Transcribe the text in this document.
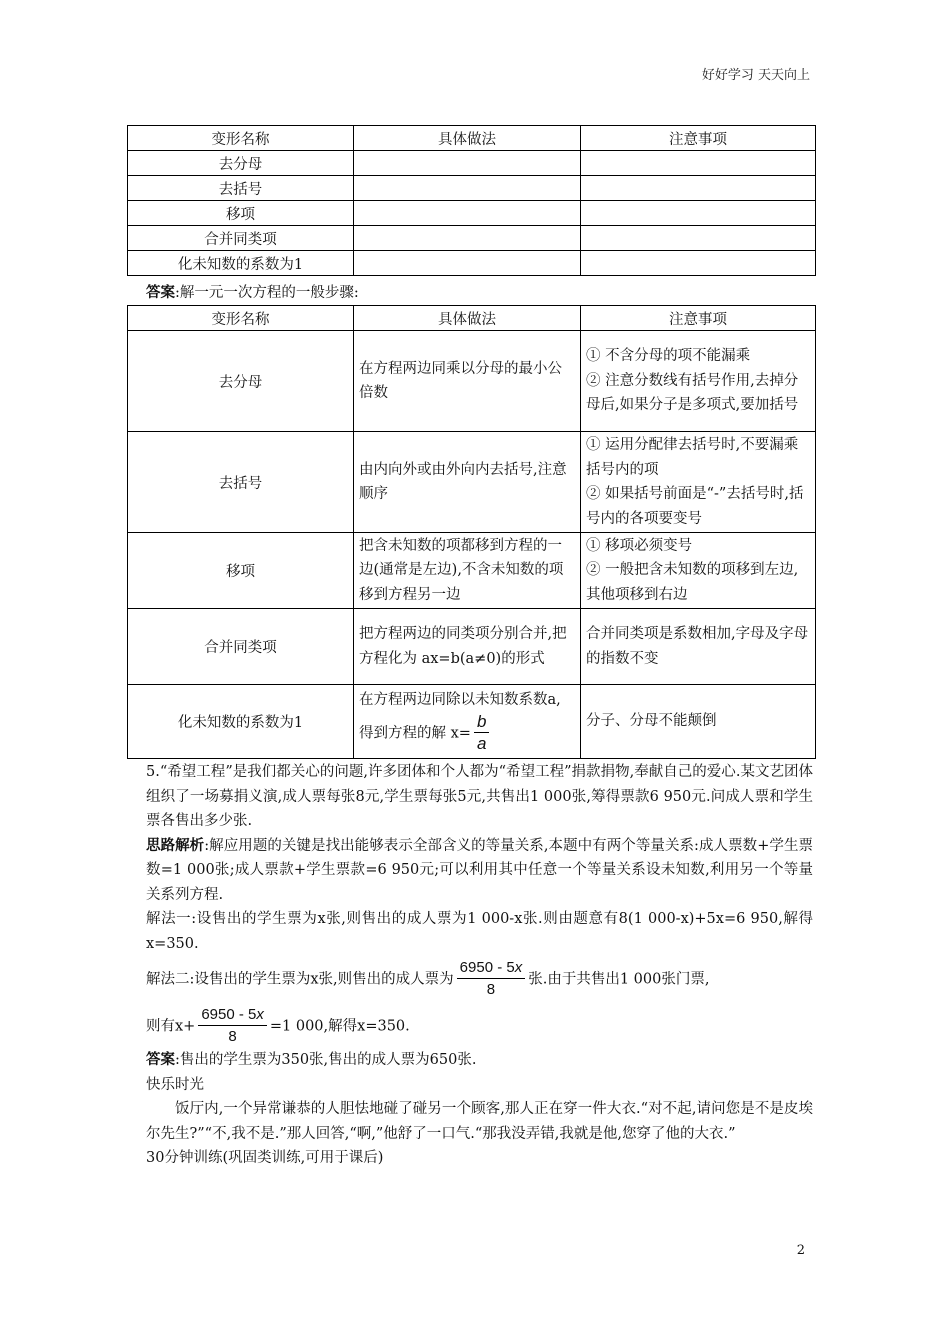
好好学习 天天向上
变形名称	具体做法	注意事项
去分母		
去括号		
移项		
合并同类项		
化未知数的系数为1		
答案:解一元一次方程的一般步骤:
变形名称	具体做法	注意事项
去分母	在方程两边同乘以分母的最小公倍数	① 不含分母的项不能漏乘
② 注意分数线有括号作用,去掉分母后,如果分子是多项式,要加括号

去括号	由内向外或由外向内去括号,注意顺序	① 运用分配律去括号时,不要漏乘括号内的项
② 如果括号前面是“-”去括号时,括号内的各项要变号

移项	把含未知数的项都移到方程的一边(通常是左边),不含未知数的项移到方程另一边	① 移项必须变号
② 一般把含未知数的项移到左边,其他项移到右边

合并同类项	把方程两边的同类项分别合并,把方程化为 ax=b(a≠0)的形式	合并同类项是系数相加,字母及字母的指数不变

化未知数的系数为1	在方程两边同除以未知数系数a,得到方程的解 $x= \frac{b}{a}$	分子、分母不能颠倒

5.“希望工程”是我们都关心的问题,许多团体和个人都为“希望工程”捐款捐物,奉献自己的爱心.某文艺团体组织了一场募捐义演,成人票每张8元,学生票每张5元,共售出1 000张,筹得票款6 950元.问成人票和学生票各售出多少张.

思路解析:解应用题的关键是找出能够表示全部含义的等量关系,本题中有两个等量关系:成人票数+学生票数=1 000张;成人票款+学生票款=6 950元;可以利用其中任意一个等量关系设未知数,利用另一个等量关系列方程.

解法一:设售出的学生票为x张,则售出的成人票为1 000-x张.则由题意有8(1 000-x)+5x=6 950,解得x=350.

解法二:设售出的学生票为x张,则售出的成人票为 $\frac{6950 - 5x}{8}$ 张.由于共售出1 000张门票,

则有$x+ \frac{6950 - 5x}{8} =1$ 000,解得x=350.

答案:售出的学生票为350张,售出的成人票为650张.

快乐时光

饭厅内,一个异常谦恭的人胆怯地碰了碰另一个顾客,那人正在穿一件大衣.“对不起,请问您是不是皮埃尔先生?”“不,我不是.”那人回答,“啊,”他舒了一口气.“那我没弄错,我就是他,您穿了他的大衣.”

30分钟训练(巩固类训练,可用于课后)

2
